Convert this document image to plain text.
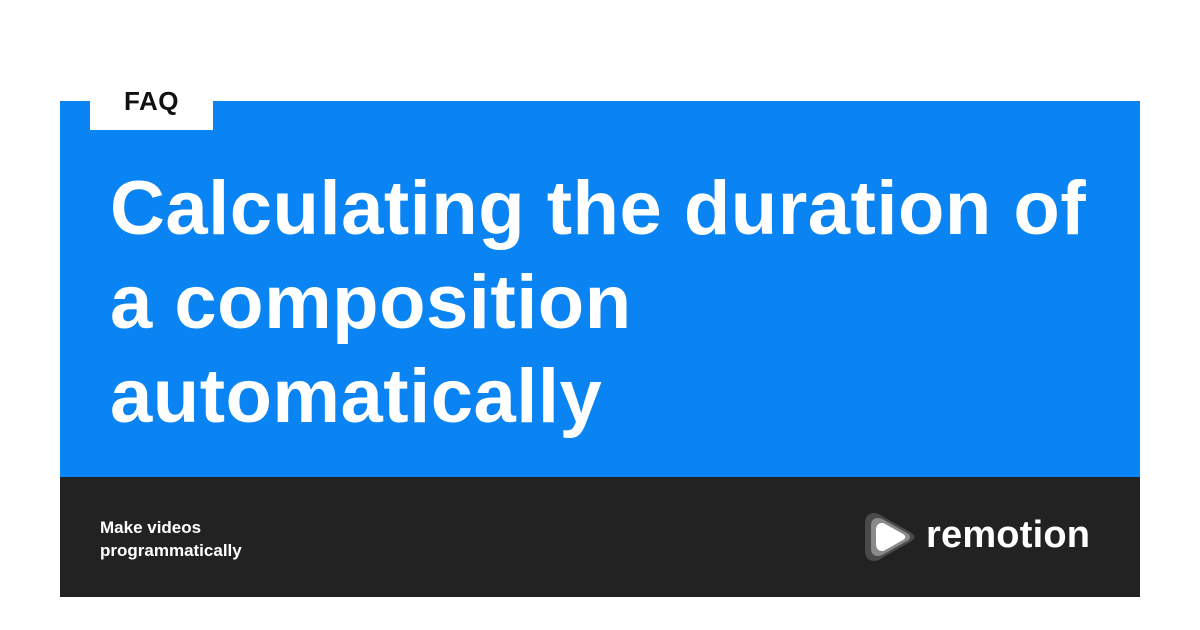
FAQ
Calculating the duration of a composition automatically
Make videos
programmatically	remotion
